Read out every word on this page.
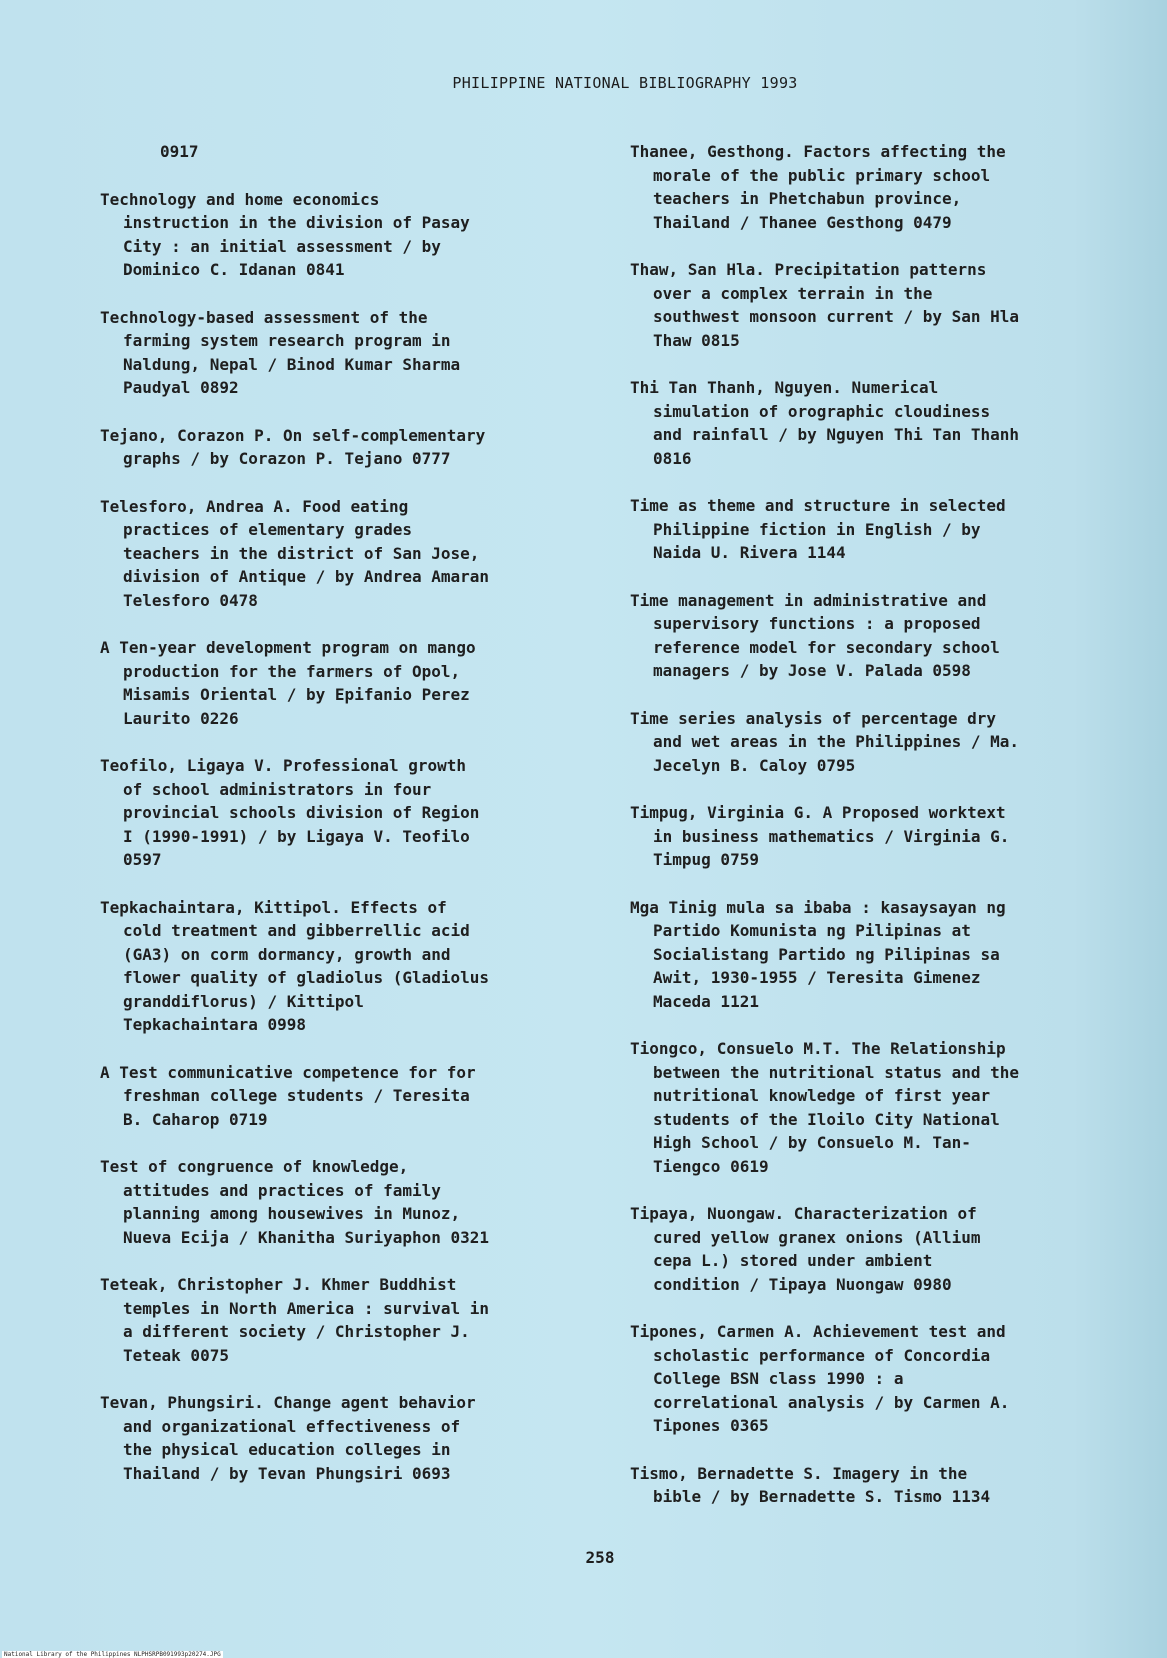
PHILIPPINE NATIONAL BIBLIOGRAPHY 1993
0917
Technology and home economics
instruction in the division of Pasay
City : an initial assessment / by
Dominico C. Idanan 0841
Technology-based assessment of the
farming system research program in
Naldung, Nepal / Binod Kumar Sharma
Paudyal 0892
Tejano, Corazon P. On self-complementary
graphs / by Corazon P. Tejano 0777
Telesforo, Andrea A. Food eating
practices of elementary grades
teachers in the district of San Jose,
division of Antique / by Andrea Amaran
Telesforo 0478
A Ten-year development program on mango
production for the farmers of Opol,
Misamis Oriental / by Epifanio Perez
Laurito 0226
Teofilo, Ligaya V. Professional growth
of school administrators in four
provincial schools division of Region
I (1990-1991) / by Ligaya V. Teofilo
0597
Tepkachaintara, Kittipol. Effects of
cold treatment and gibberrellic acid
(GA3) on corm dormancy, growth and
flower quality of gladiolus (Gladiolus
granddiflorus) / Kittipol
Tepkachaintara 0998
A Test communicative competence for for
freshman college students / Teresita
B. Caharop 0719
Test of congruence of knowledge,
attitudes and practices of family
planning among housewives in Munoz,
Nueva Ecija / Khanitha Suriyaphon 0321
Teteak, Christopher J. Khmer Buddhist
temples in North America : survival in
a different society / Christopher J.
Teteak 0075
Tevan, Phungsiri. Change agent behavior
and organizational effectiveness of
the physical education colleges in
Thailand / by Tevan Phungsiri 0693
Thanee, Gesthong. Factors affecting the
morale of the public primary school
teachers in Phetchabun province,
Thailand / Thanee Gesthong 0479
Thaw, San Hla. Precipitation patterns
over a complex terrain in the
southwest monsoon current / by San Hla
Thaw 0815
Thi Tan Thanh, Nguyen. Numerical
simulation of orographic cloudiness
and rainfall / by Nguyen Thi Tan Thanh
0816
Time as theme and structure in selected
Philippine fiction in English / by
Naida U. Rivera 1144
Time management in administrative and
supervisory functions : a proposed
reference model for secondary school
managers / by Jose V. Palada 0598
Time series analysis of percentage dry
and wet areas in the Philippines / Ma.
Jecelyn B. Caloy 0795
Timpug, Virginia G. A Proposed worktext
in business mathematics / Virginia G.
Timpug 0759
Mga Tinig mula sa ibaba : kasaysayan ng
Partido Komunista ng Pilipinas at
Socialistang Partido ng Pilipinas sa
Awit, 1930-1955 / Teresita Gimenez
Maceda 1121
Tiongco, Consuelo M.T. The Relationship
between the nutritional status and the
nutritional knowledge of first year
students of the Iloilo City National
High School / by Consuelo M. Tan-
Tiengco 0619
Tipaya, Nuongaw. Characterization of
cured yellow granex onions (Allium
cepa L.) stored under ambient
condition / Tipaya Nuongaw 0980
Tipones, Carmen A. Achievement test and
scholastic performance of Concordia
College BSN class 1990 : a
correlational analysis / by Carmen A.
Tipones 0365
Tismo, Bernadette S. Imagery in the
bible / by Bernadette S. Tismo 1134
258
National Library of the Philippines NLPHSRPB091993p20274.JPG
